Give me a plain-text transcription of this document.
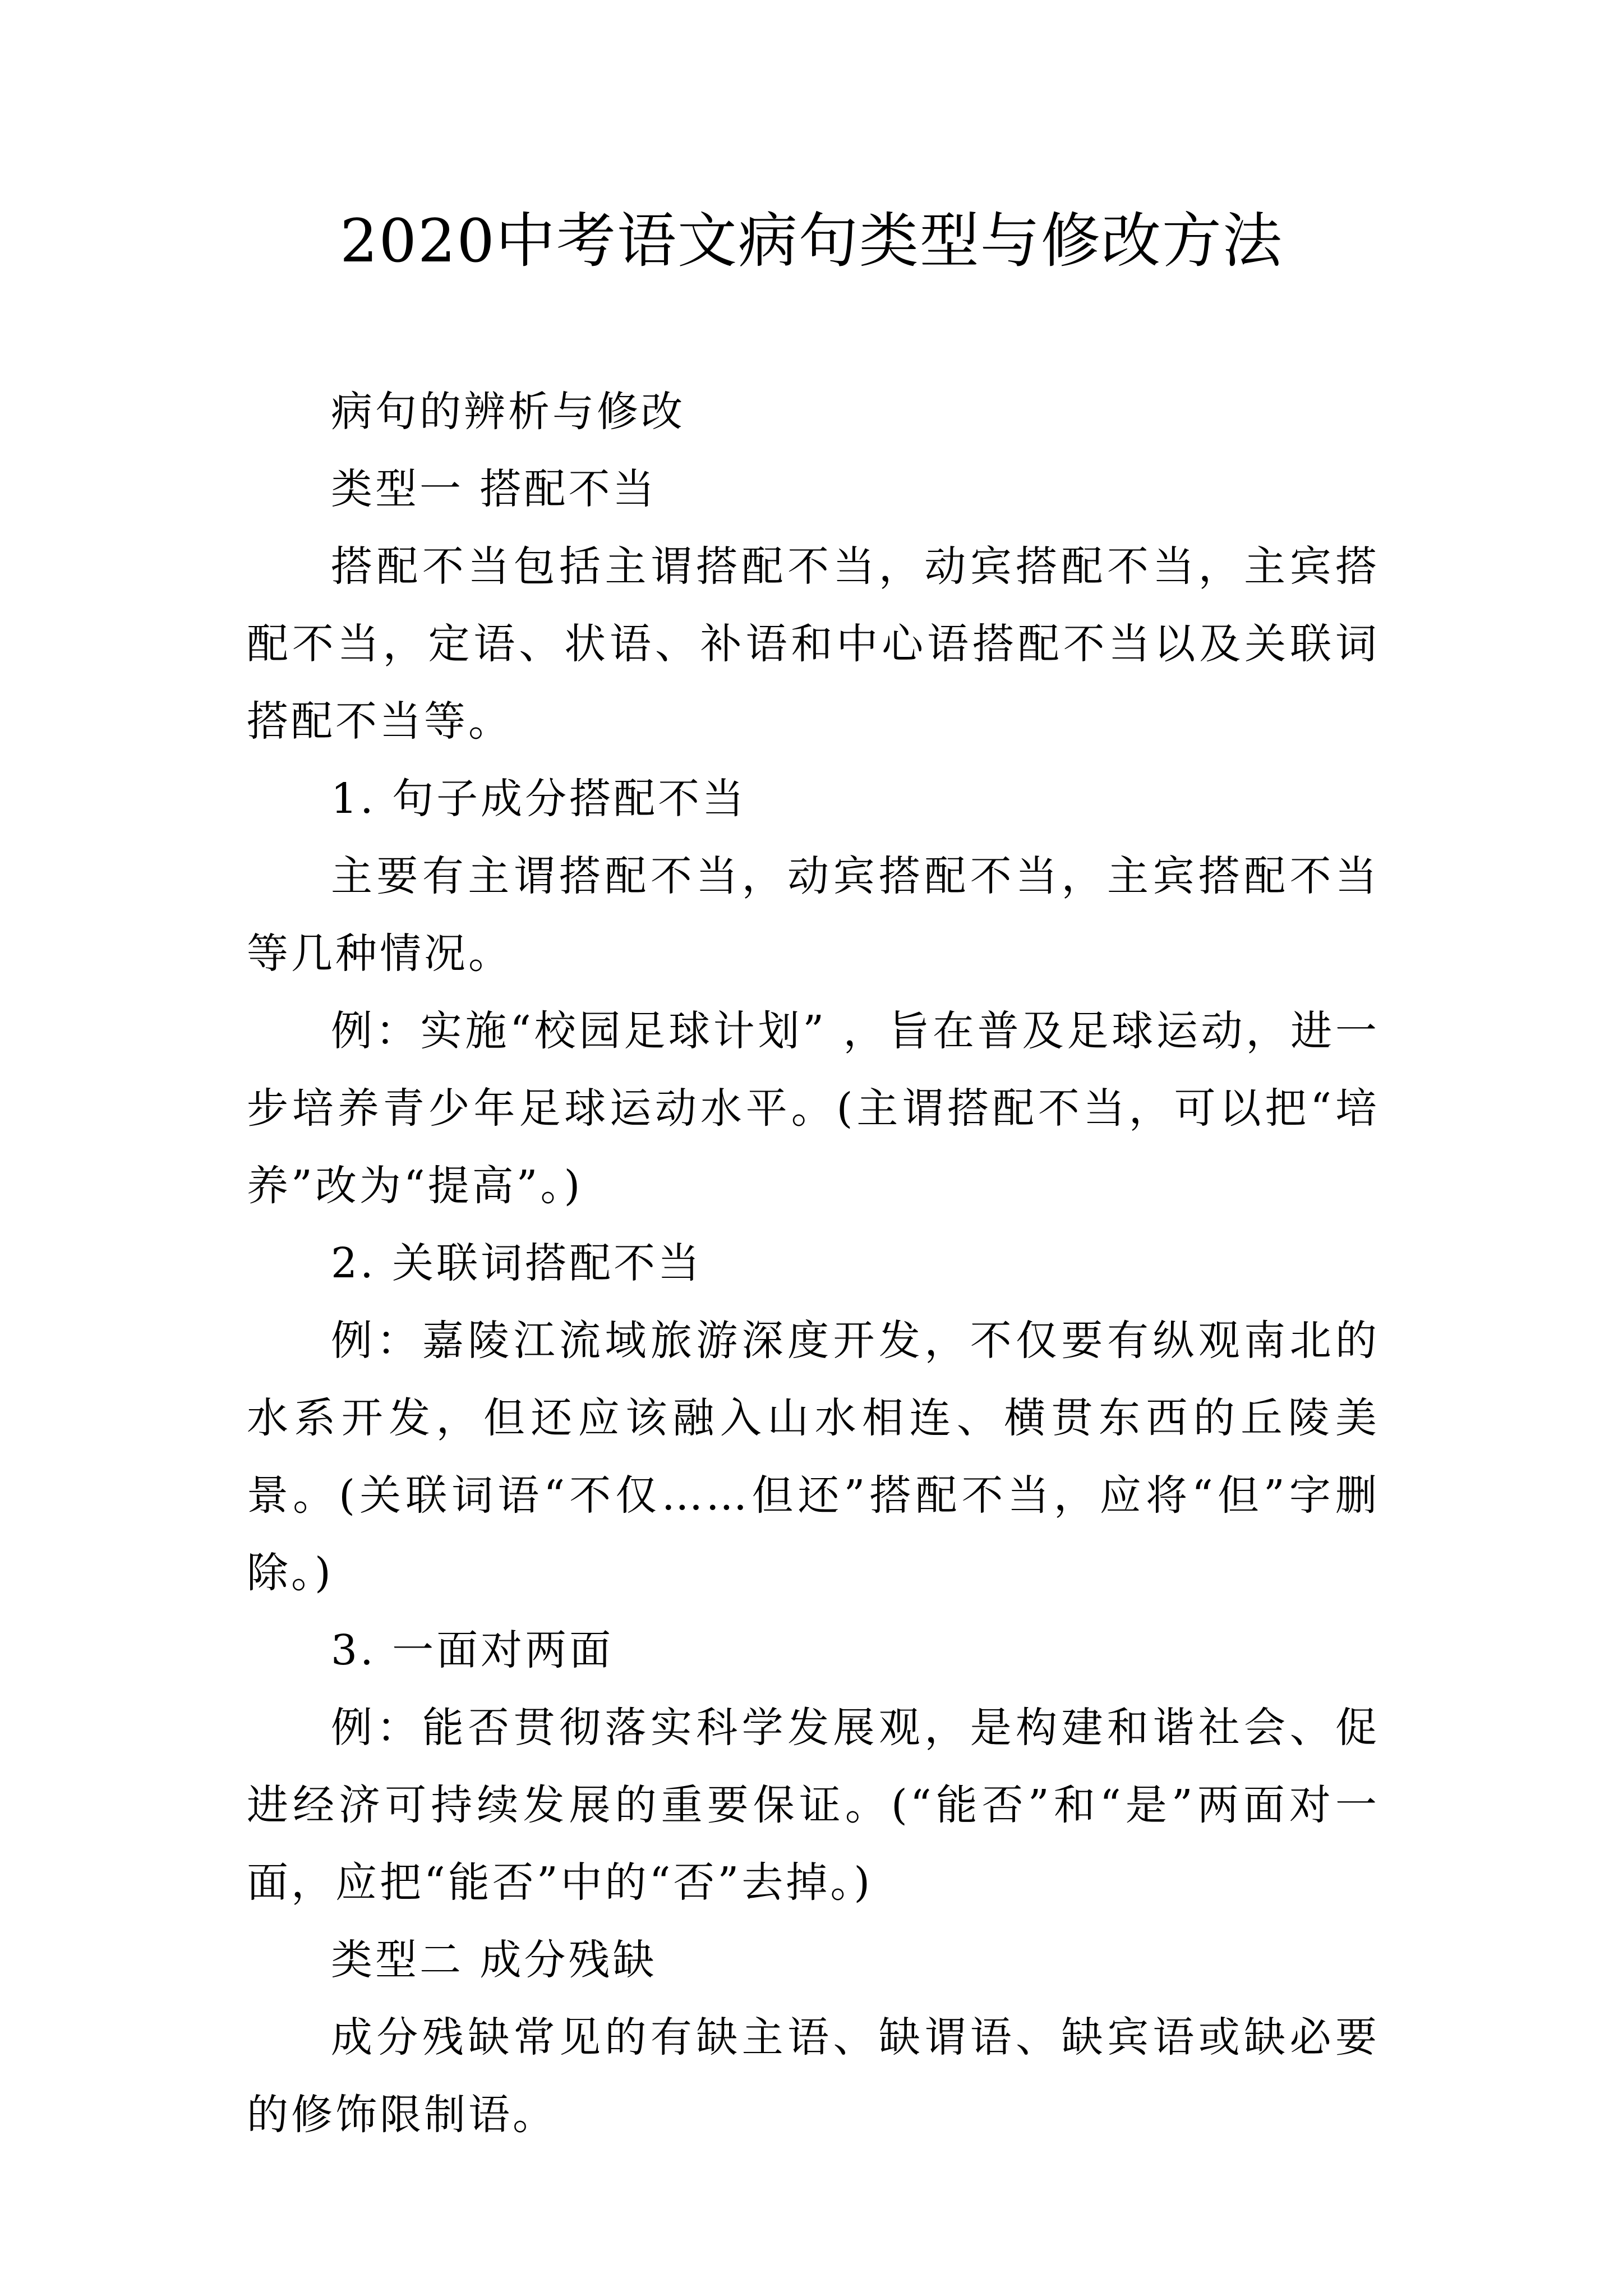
2020中考语文病句类型与修改方法

病句的辨析与修改

类型一 搭配不当

搭配不当包括主谓搭配不当，动宾搭配不当，主宾搭配不当，定语、状语、补语和中心语搭配不当以及关联词搭配不当等。

1. 句子成分搭配不当

主要有主谓搭配不当，动宾搭配不当，主宾搭配不当等几种情况。

例：实施“校园足球计划” ，旨在普及足球运动，进一步培养青少年足球运动水平。(主谓搭配不当，可以把“培养”改为“提高”。)

2. 关联词搭配不当

例：嘉陵江流域旅游深度开发，不仅要有纵观南北的水系开发，但还应该融入山水相连、横贯东西的丘陵美景。(关联词语“不仅……但还”搭配不当，应将“但”字删除。)

3. 一面对两面

例：能否贯彻落实科学发展观，是构建和谐社会、促进经济可持续发展的重要保证。(“能否”和“是”两面对一面，应把“能否”中的“否”去掉。)

类型二 成分残缺

成分残缺常见的有缺主语、缺谓语、缺宾语或缺必要的修饰限制语。
